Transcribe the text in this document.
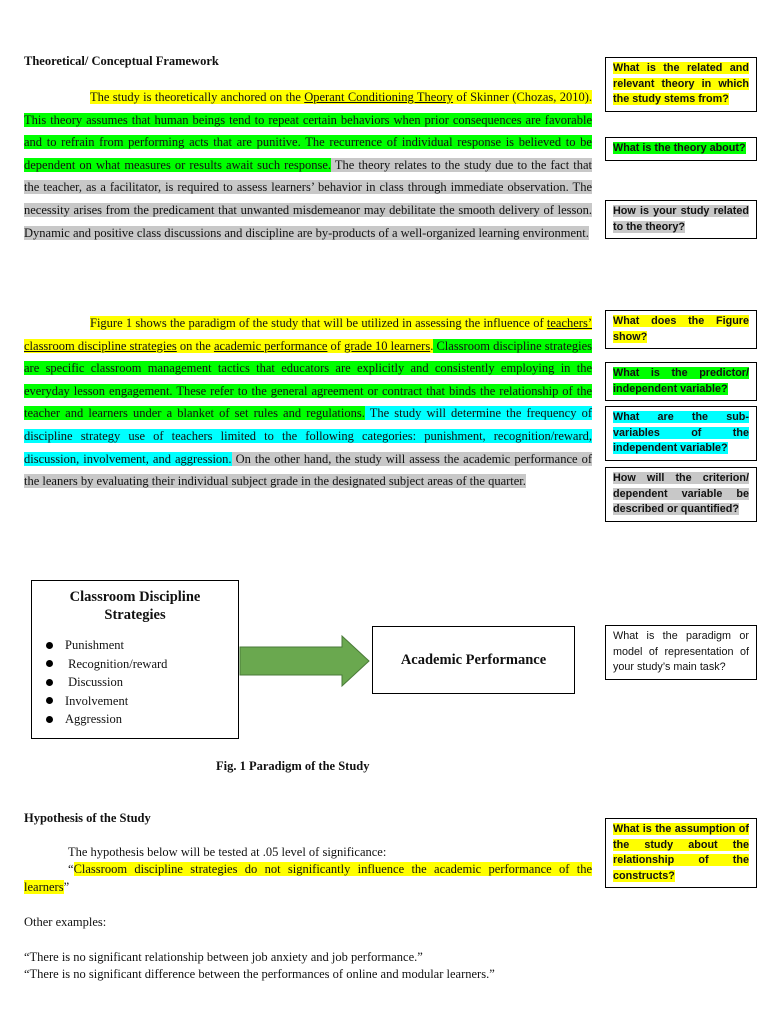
Theoretical/ Conceptual Framework
The study is theoretically anchored on the Operant Conditioning Theory of Skinner (Chozas, 2010). This theory assumes that human beings tend to repeat certain behaviors when prior consequences are favorable and to refrain from performing acts that are punitive. The recurrence of individual response is believed to be dependent on what measures or results await such response. The theory relates to the study due to the fact that the teacher, as a facilitator, is required to assess learners’ behavior in class through immediate observation. The necessity arises from the predicament that unwanted misdemeanor may debilitate the smooth delivery of lesson. Dynamic and positive class discussions and discipline are by-products of a well-organized learning environment.
Figure 1 shows the paradigm of the study that will be utilized in assessing the influence of teachers’ classroom discipline strategies on the academic performance of grade 10 learners. Classroom discipline strategies are specific classroom management tactics that educators are explicitly and consistently employing in the everyday lesson engagement. These refer to the general agreement or contract that binds the relationship of the teacher and learners under a blanket of set rules and regulations. The study will determine the frequency of discipline strategy use of teachers limited to the following categories: punishment, recognition/reward, discussion, involvement, and aggression. On the other hand, the study will assess the academic performance of the leaners by evaluating their individual subject grade in the designated subject areas of the quarter.
What is the related and relevant theory in which the study stems from?
What is the theory about?
How is your study related to the theory?
What does the Figure show?
What is the predictor/ independent variable?
What are the sub-variables of the independent variable?
How will the criterion/ dependent variable be described or quantified?
What is the paradigm or model of representation of your study’s main task?
What is the assumption of the study about the relationship of the constructs?
Classroom Discipline Strategies
Punishment
Recognition/reward
Discussion
Involvement
Aggression
Academic Performance
Fig. 1 Paradigm of the Study
Hypothesis of the Study
The hypothesis below will be tested at .05 level of significance:
“Classroom discipline strategies do not significantly influence the academic performance of the learners”
Other examples:
“There is no significant relationship between job anxiety and job performance.”
“There is no significant difference between the performances of online and modular learners.”
